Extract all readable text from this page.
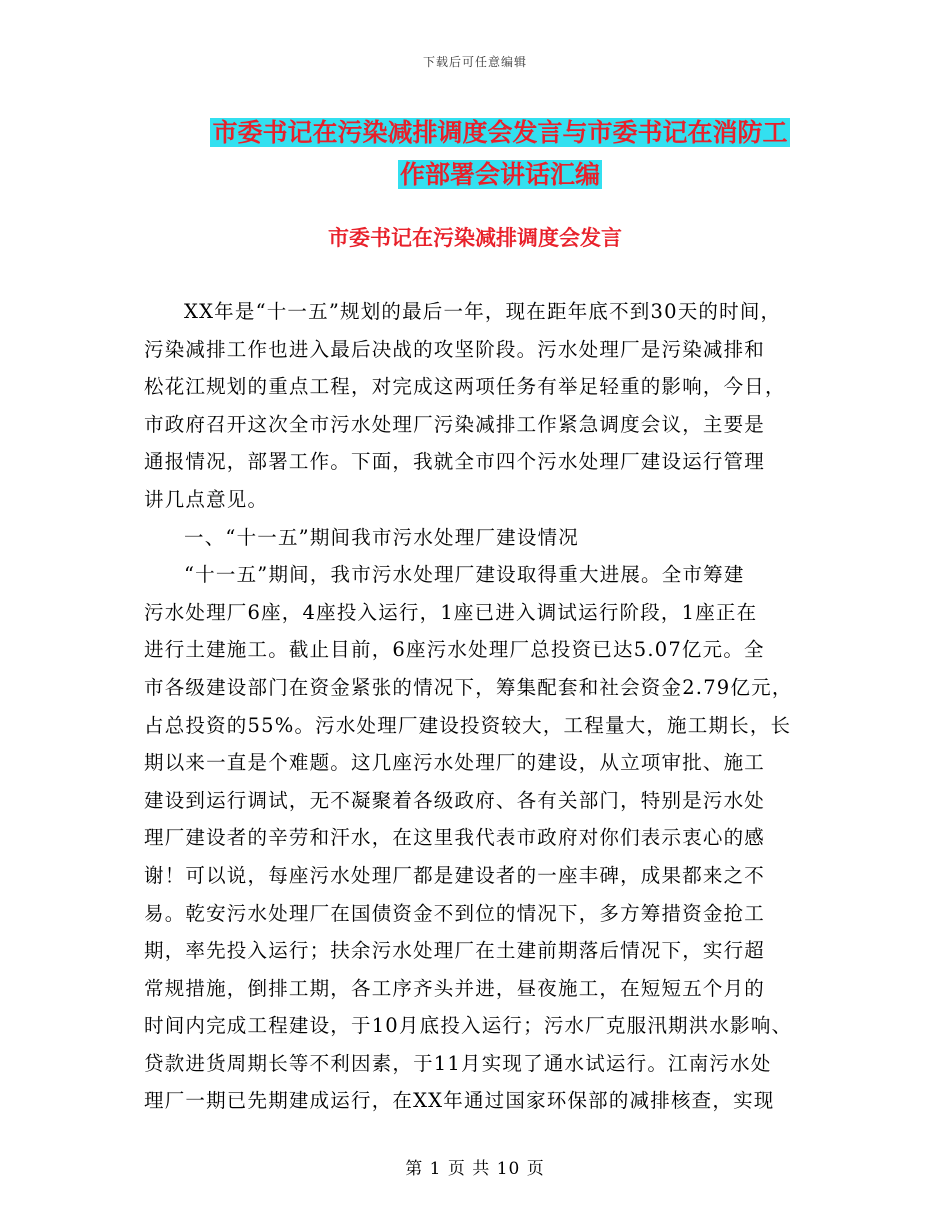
下载后可任意编辑
市委书记在污染减排调度会发言与市委书记在消防工
作部署会讲话汇编
市委书记在污染减排调度会发言
XX年是“十一五”规划的最后一年，现在距年底不到30天的时间，
污染减排工作也进入最后决战的攻坚阶段。污水处理厂是污染减排和
松花江规划的重点工程，对完成这两项任务有举足轻重的影响，今日，
市政府召开这次全市污水处理厂污染减排工作紧急调度会议，主要是
通报情况，部署工作。下面，我就全市四个污水处理厂建设运行管理
讲几点意见。
一、“十一五”期间我市污水处理厂建设情况
“十一五”期间，我市污水处理厂建设取得重大进展。全市筹建
污水处理厂6座，4座投入运行，1座已进入调试运行阶段，1座正在
进行土建施工。截止目前，6座污水处理厂总投资已达5.07亿元。全
市各级建设部门在资金紧张的情况下，筹集配套和社会资金2.79亿元，
占总投资的55%。污水处理厂建设投资较大，工程量大，施工期长，长
期以来一直是个难题。这几座污水处理厂的建设，从立项审批、施工
建设到运行调试，无不凝聚着各级政府、各有关部门，特别是污水处
理厂建设者的辛劳和汗水，在这里我代表市政府对你们表示衷心的感
谢！可以说，每座污水处理厂都是建设者的一座丰碑，成果都来之不
易。乾安污水处理厂在国债资金不到位的情况下，多方筹措资金抢工
期，率先投入运行；扶余污水处理厂在土建前期落后情况下，实行超
常规措施，倒排工期，各工序齐头并进，昼夜施工，在短短五个月的
时间内完成工程建设，于10月底投入运行；污水厂克服汛期洪水影响、
贷款进货周期长等不利因素，于11月实现了通水试运行。江南污水处
理厂一期已先期建成运行，在XX年通过国家环保部的减排核查，实现
第 1 页 共 10 页
